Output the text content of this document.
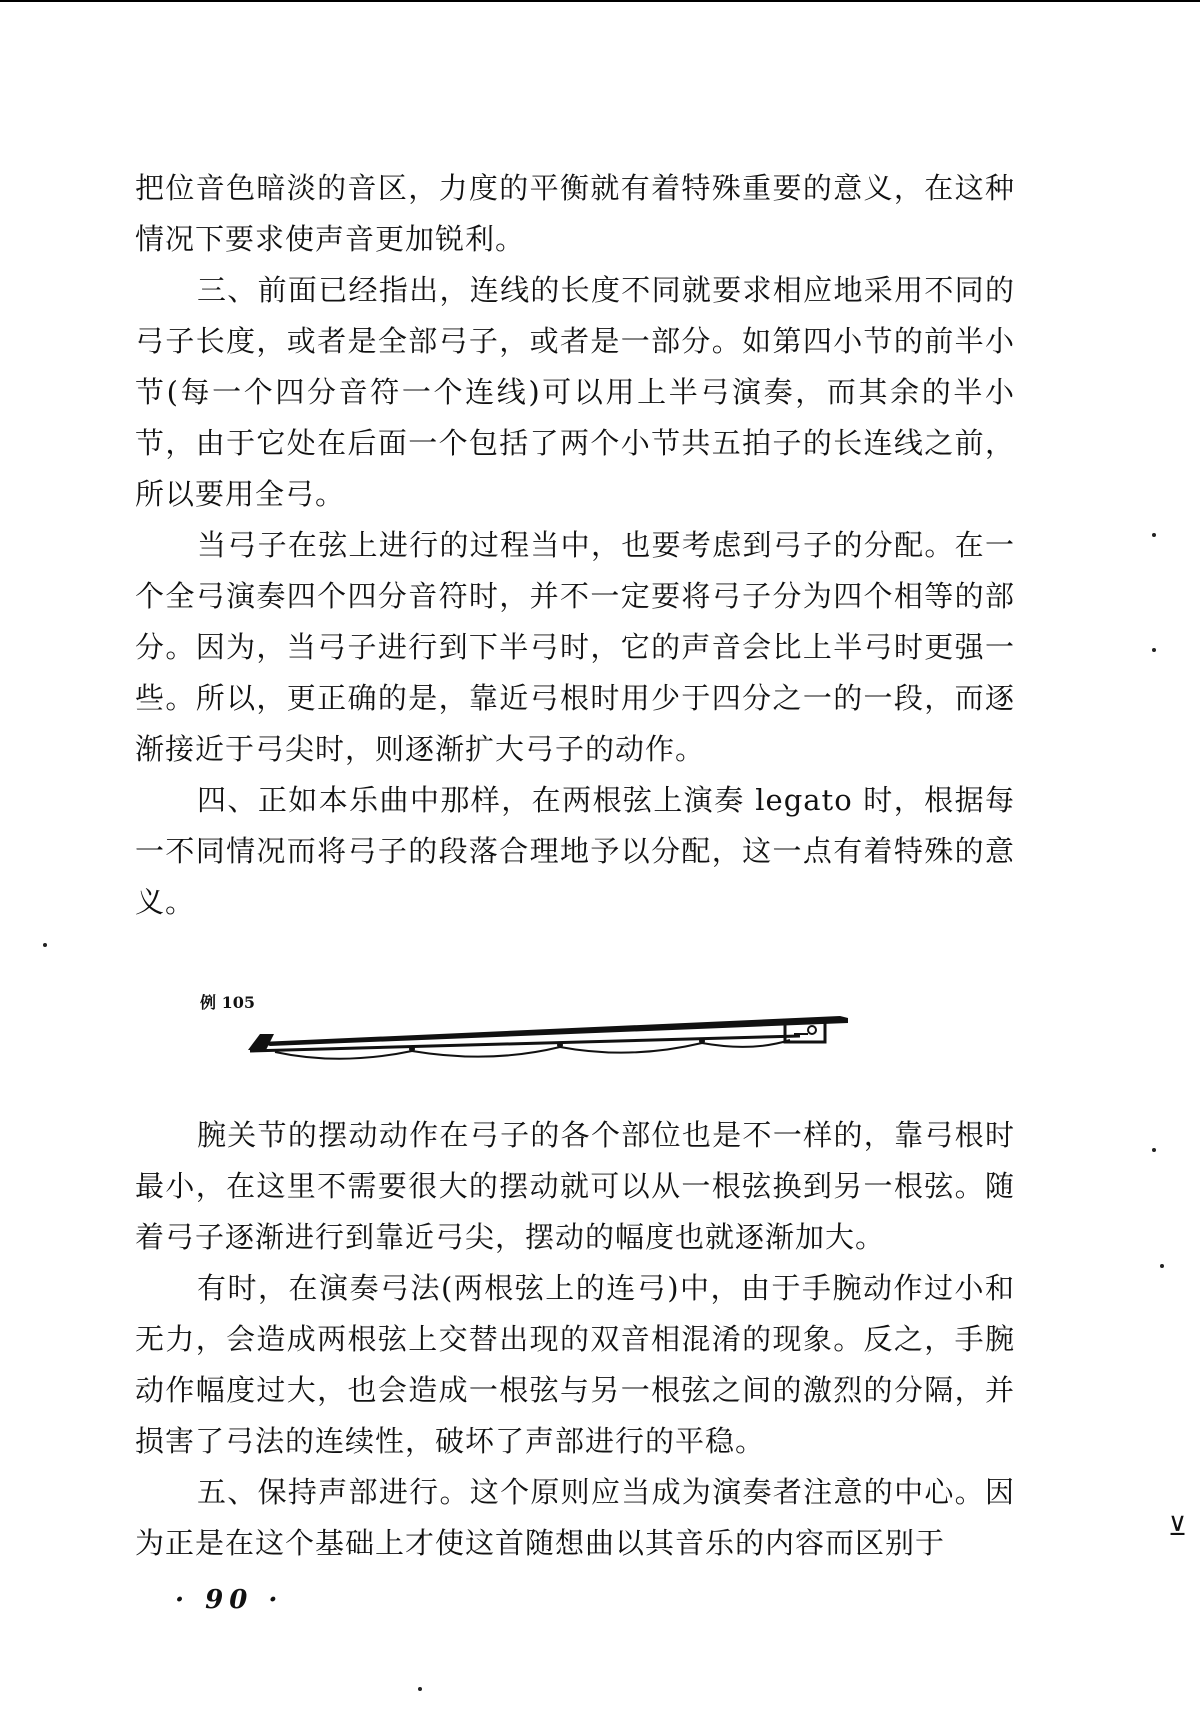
把位音色暗淡的音区，力度的平衡就有着特殊重要的意义，在这种情况下要求使声音更加锐利。

三、前面已经指出，连线的长度不同就要求相应地采用不同的弓子长度，或者是全部弓子，或者是一部分。如第四小节的前半小节(每一个四分音符一个连线)可以用上半弓演奏，而其余的半小节，由于它处在后面一个包括了两个小节共五拍子的长连线之前，所以要用全弓。

当弓子在弦上进行的过程当中，也要考虑到弓子的分配。在一个全弓演奏四个四分音符时，并不一定要将弓子分为四个相等的部分。因为，当弓子进行到下半弓时，它的声音会比上半弓时更强一些。所以，更正确的是，靠近弓根时用少于四分之一的一段，而逐渐接近于弓尖时，则逐渐扩大弓子的动作。

四、正如本乐曲中那样，在两根弦上演奏 legato 时，根据每一不同情况而将弓子的段落合理地予以分配，这一点有着特殊的意义。

例 105

腕关节的摆动动作在弓子的各个部位也是不一样的，靠弓根时最小，在这里不需要很大的摆动就可以从一根弦换到另一根弦。随着弓子逐渐进行到靠近弓尖，摆动的幅度也就逐渐加大。

有时，在演奏弓法(两根弦上的连弓)中，由于手腕动作过小和无力，会造成两根弦上交替出现的双音相混淆的现象。反之，手腕动作幅度过大，也会造成一根弦与另一根弦之间的激烈的分隔，并损害了弓法的连续性，破坏了声部进行的平稳。

五、保持声部进行。这个原则应当成为演奏者注意的中心。因为正是在这个基础上才使这首随想曲以其音乐的内容而区别于

· 90 ·
⊻
